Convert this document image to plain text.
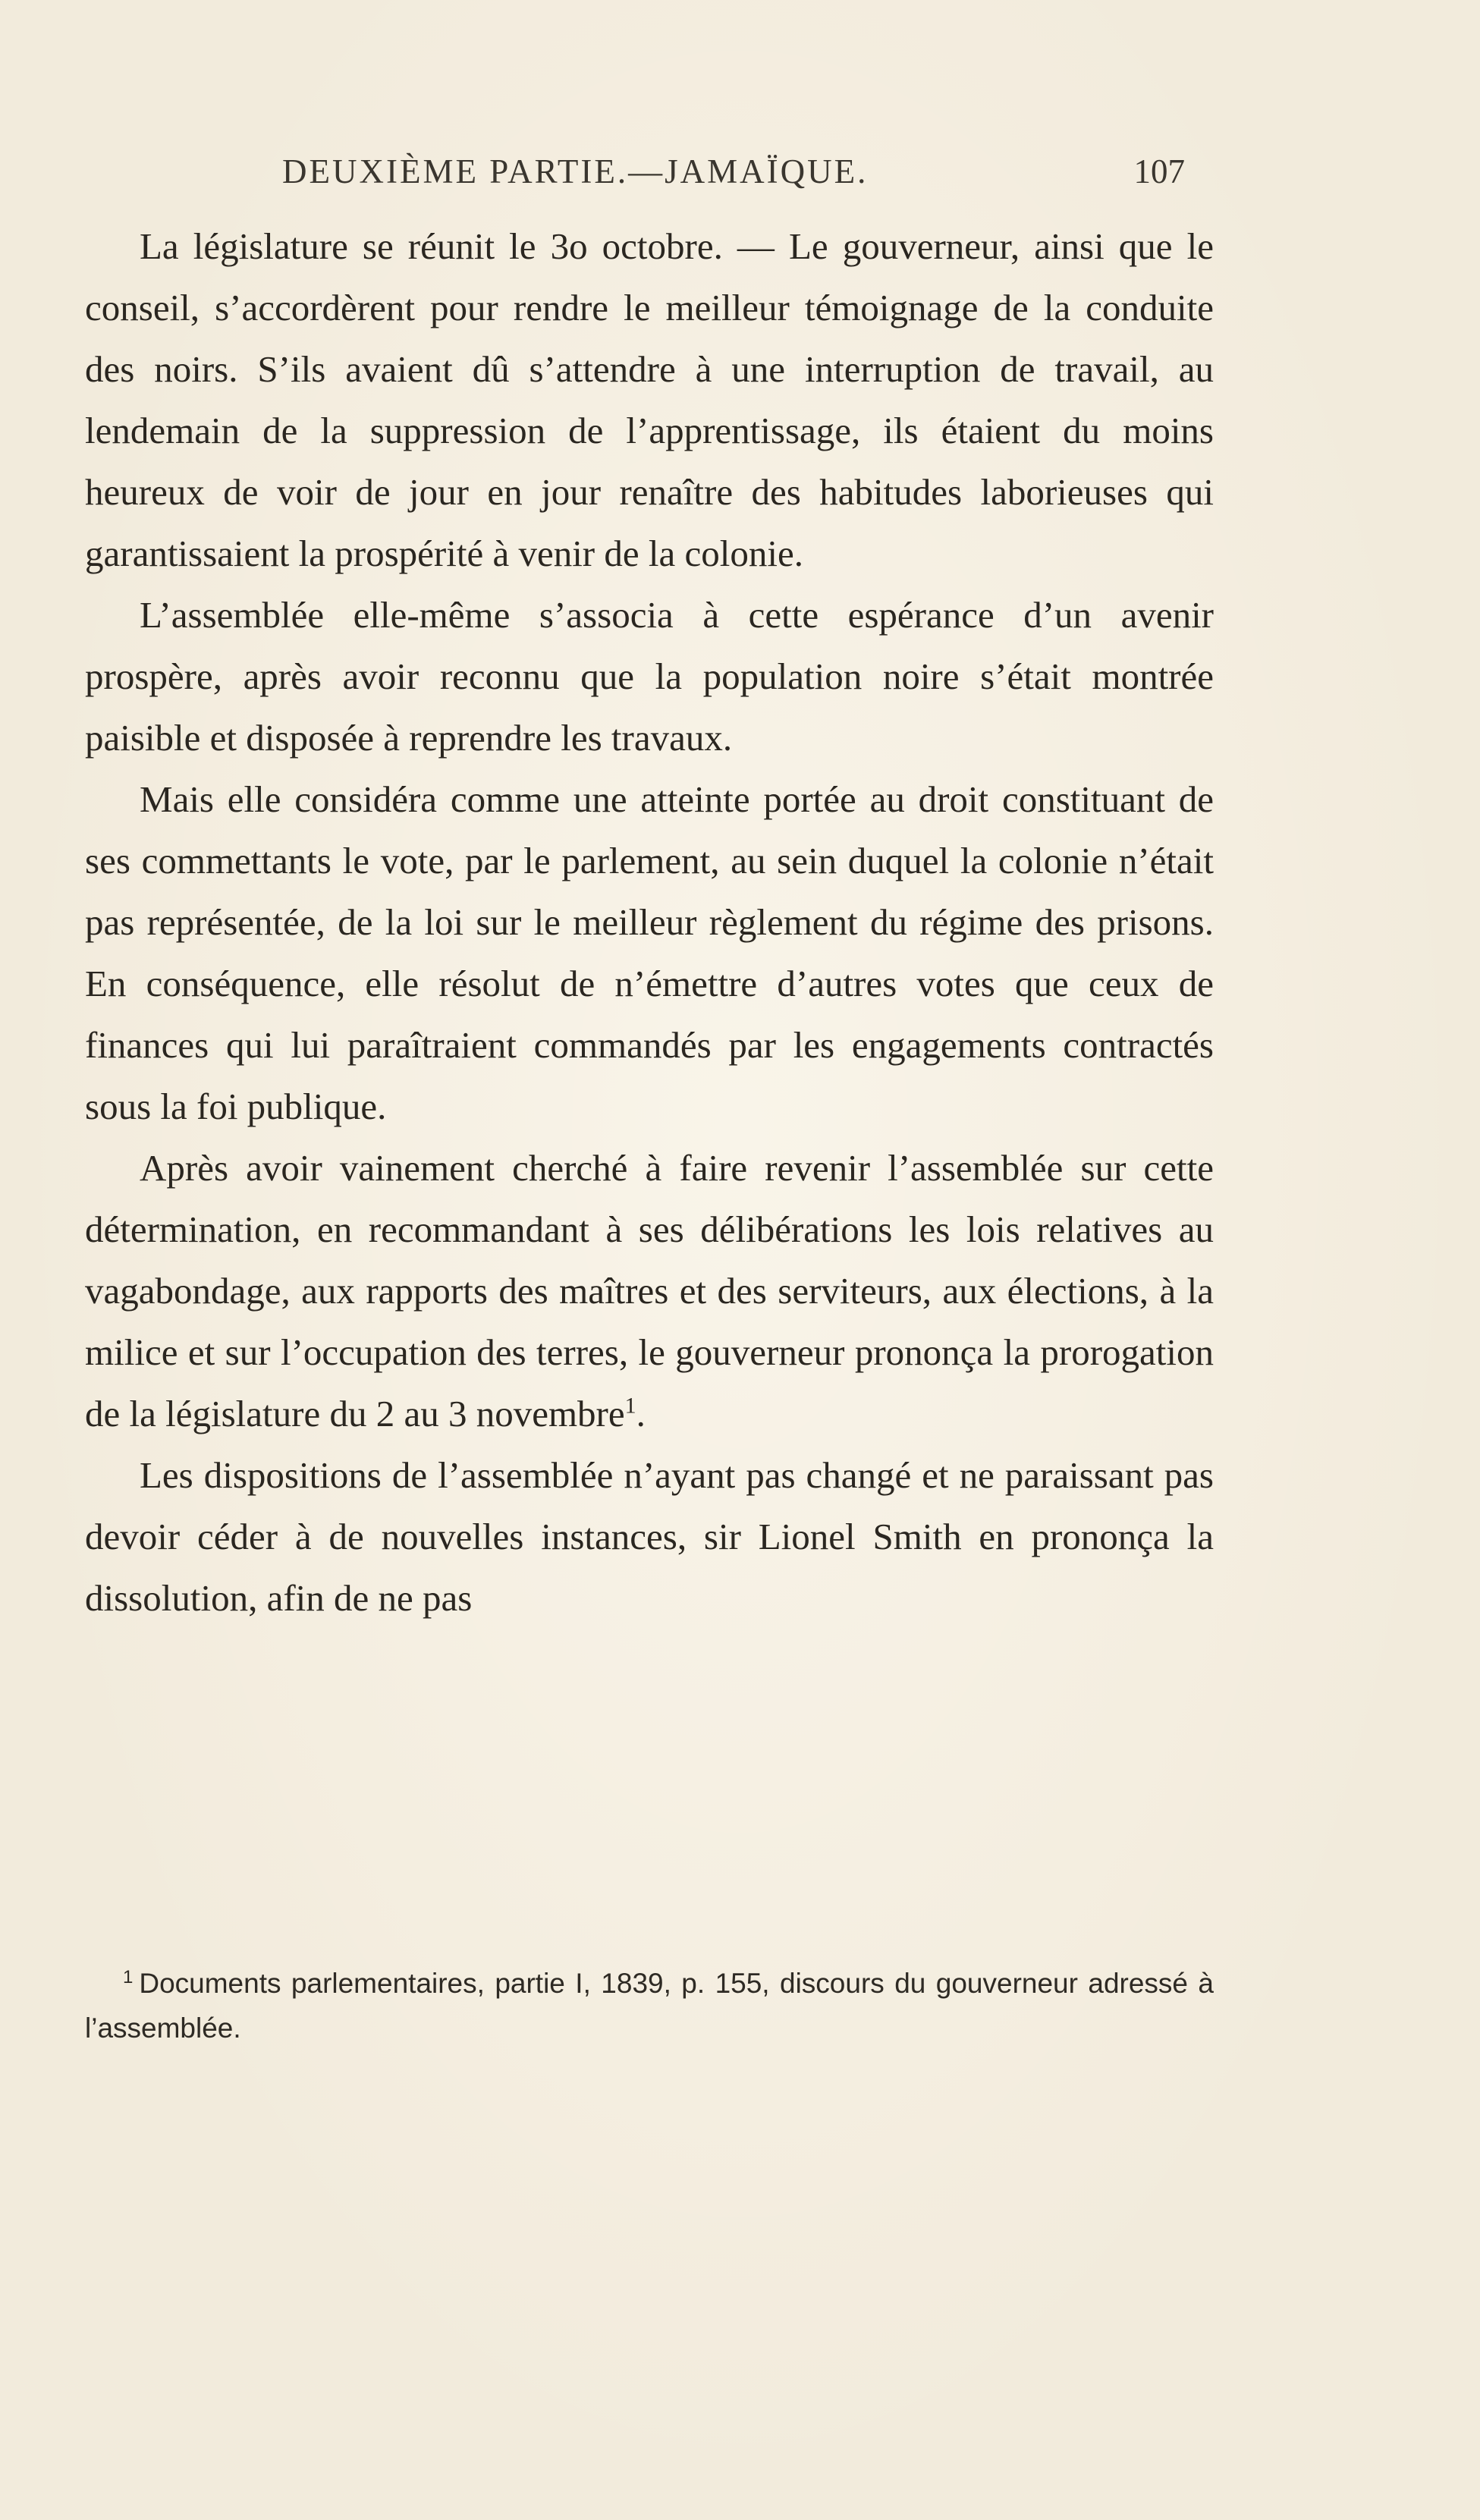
DEUXIÈME PARTIE.—JAMAÏQUE.	107

La législature se réunit le 3o octobre. — Le gouverneur, ainsi que le conseil, s’accordèrent pour rendre le meilleur témoignage de la conduite des noirs. S’ils avaient dû s’attendre à une interruption de travail, au lendemain de la suppression de l’apprentissage, ils étaient du moins heureux de voir de jour en jour renaître des habitudes laborieuses qui garantissaient la prospérité à venir de la colonie.

L’assemblée elle-même s’associa à cette espérance d’un avenir prospère, après avoir reconnu que la population noire s’était montrée paisible et disposée à reprendre les travaux.

Mais elle considéra comme une atteinte portée au droit constituant de ses commettants le vote, par le parlement, au sein duquel la colonie n’était pas représentée, de la loi sur le meilleur règlement du régime des prisons. En conséquence, elle résolut de n’émettre d’autres votes que ceux de finances qui lui paraîtraient commandés par les engagements contractés sous la foi publique.

Après avoir vainement cherché à faire revenir l’assemblée sur cette détermination, en recommandant à ses délibérations les lois relatives au vagabondage, aux rapports des maîtres et des serviteurs, aux élections, à la milice et sur l’occupation des terres, le gouverneur prononça la prorogation de la législature du 2 au 3 novembre$^1$.

Les dispositions de l’assemblée n’ayant pas changé et ne paraissant pas devoir céder à de nouvelles instances, sir Lionel Smith en prononça la dissolution, afin de ne pas

$^1$ Documents parlementaires, partie I, 1839, p. 155, discours du gouverneur adressé à l’assemblée.
